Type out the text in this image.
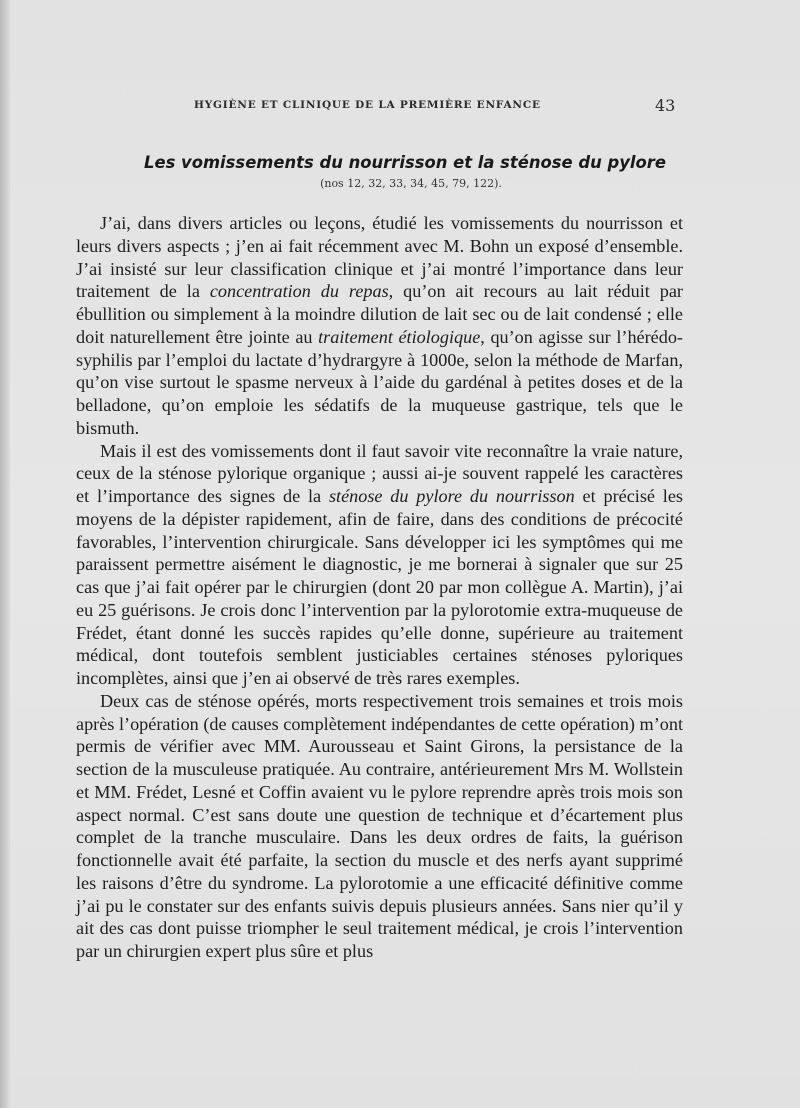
HYGIÈNE ET CLINIQUE DE LA PREMIÈRE ENFANCE	43
Les vomissements du nourrisson et la sténose du pylore
(nos 12, 32, 33, 34, 45, 79, 122).

J’ai, dans divers articles ou leçons, étudié les vomissements du nourrisson et leurs divers aspects ; j’en ai fait récemment avec M. Bohn un exposé d’ensemble. J’ai insisté sur leur classification clinique et j’ai montré l’importance dans leur traitement de la concentration du repas, qu’on ait recours au lait réduit par ébullition ou simplement à la moindre dilution de lait sec ou de lait condensé ; elle doit naturellement être jointe au traitement étiologique, qu’on agisse sur l’hérédo-syphilis par l’emploi du lactate d’hydrargyre à 1000e, selon la méthode de Marfan, qu’on vise surtout le spasme nerveux à l’aide du gardénal à petites doses et de la belladone, qu’on emploie les sédatifs de la muqueuse gastrique, tels que le bismuth.

Mais il est des vomissements dont il faut savoir vite reconnaître la vraie nature, ceux de la sténose pylorique organique ; aussi ai-je souvent rappelé les caractères et l’importance des signes de la sténose du pylore du nourrisson et précisé les moyens de la dépister rapidement, afin de faire, dans des conditions de précocité favorables, l’intervention chirurgicale. Sans développer ici les symptômes qui me paraissent permettre aisément le diagnostic, je me bornerai à signaler que sur 25 cas que j’ai fait opérer par le chirurgien (dont 20 par mon collègue A. Martin), j’ai eu 25 guérisons. Je crois donc l’intervention par la pylorotomie extra-muqueuse de Frédet, étant donné les succès rapides qu’elle donne, supérieure au traitement médical, dont toutefois semblent justiciables certaines sténoses pyloriques incomplètes, ainsi que j’en ai observé de très rares exemples.

Deux cas de sténose opérés, morts respectivement trois semaines et trois mois après l’opération (de causes complètement indépendantes de cette opération) m’ont permis de vérifier avec MM. Aurousseau et Saint Girons, la persistance de la section de la musculeuse pratiquée. Au contraire, antérieurement Mrs M. Wollstein et MM. Frédet, Lesné et Coffin avaient vu le pylore reprendre après trois mois son aspect normal. C’est sans doute une question de technique et d’écartement plus complet de la tranche musculaire. Dans les deux ordres de faits, la guérison fonctionnelle avait été parfaite, la section du muscle et des nerfs ayant supprimé les raisons d’être du syndrome. La pylorotomie a une efficacité définitive comme j’ai pu le constater sur des enfants suivis depuis plusieurs années. Sans nier qu’il y ait des cas dont puisse triompher le seul traitement médical, je crois l’intervention par un chirurgien expert plus sûre et plus
